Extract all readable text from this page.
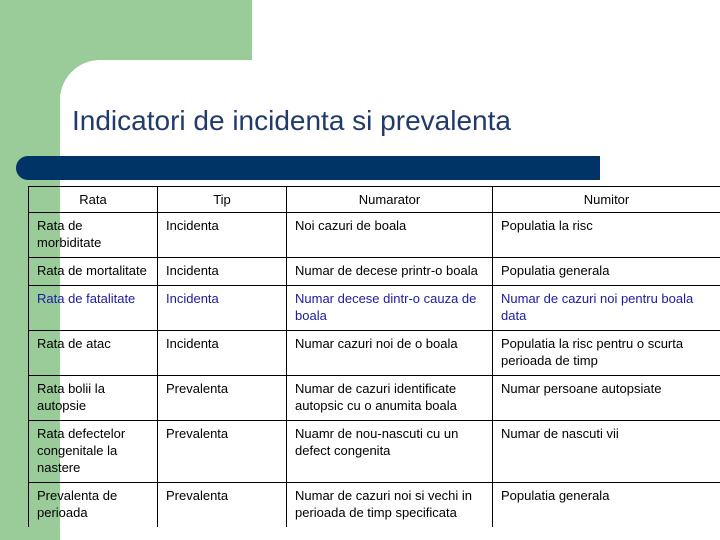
Indicatori de incidenta si prevalenta
Rata	Tip	Numarator	Numitor
Rata de morbiditate	Incidenta	Noi cazuri de boala	Populatia la risc
Rata de mortalitate	Incidenta	Numar de decese printr-o boala	Populatia generala
Rata de fatalitate	Incidenta	Numar decese dintr-o cauza de boala	Numar de cazuri noi pentru boala data
Rata de atac	Incidenta	Numar cazuri noi de o boala	Populatia la risc pentru o scurta perioada de timp
Rata bolii la autopsie	Prevalenta	Numar de cazuri identificate autopsic cu o anumita boala	Numar persoane autopsiate
Rata defectelor congenitale la nastere	Prevalenta	Nuamr de nou-nascuti cu un defect congenita	Numar de nascuti vii
Prevalenta de perioada	Prevalenta	Numar de cazuri noi si vechi in perioada de timp specificata	Populatia generala
